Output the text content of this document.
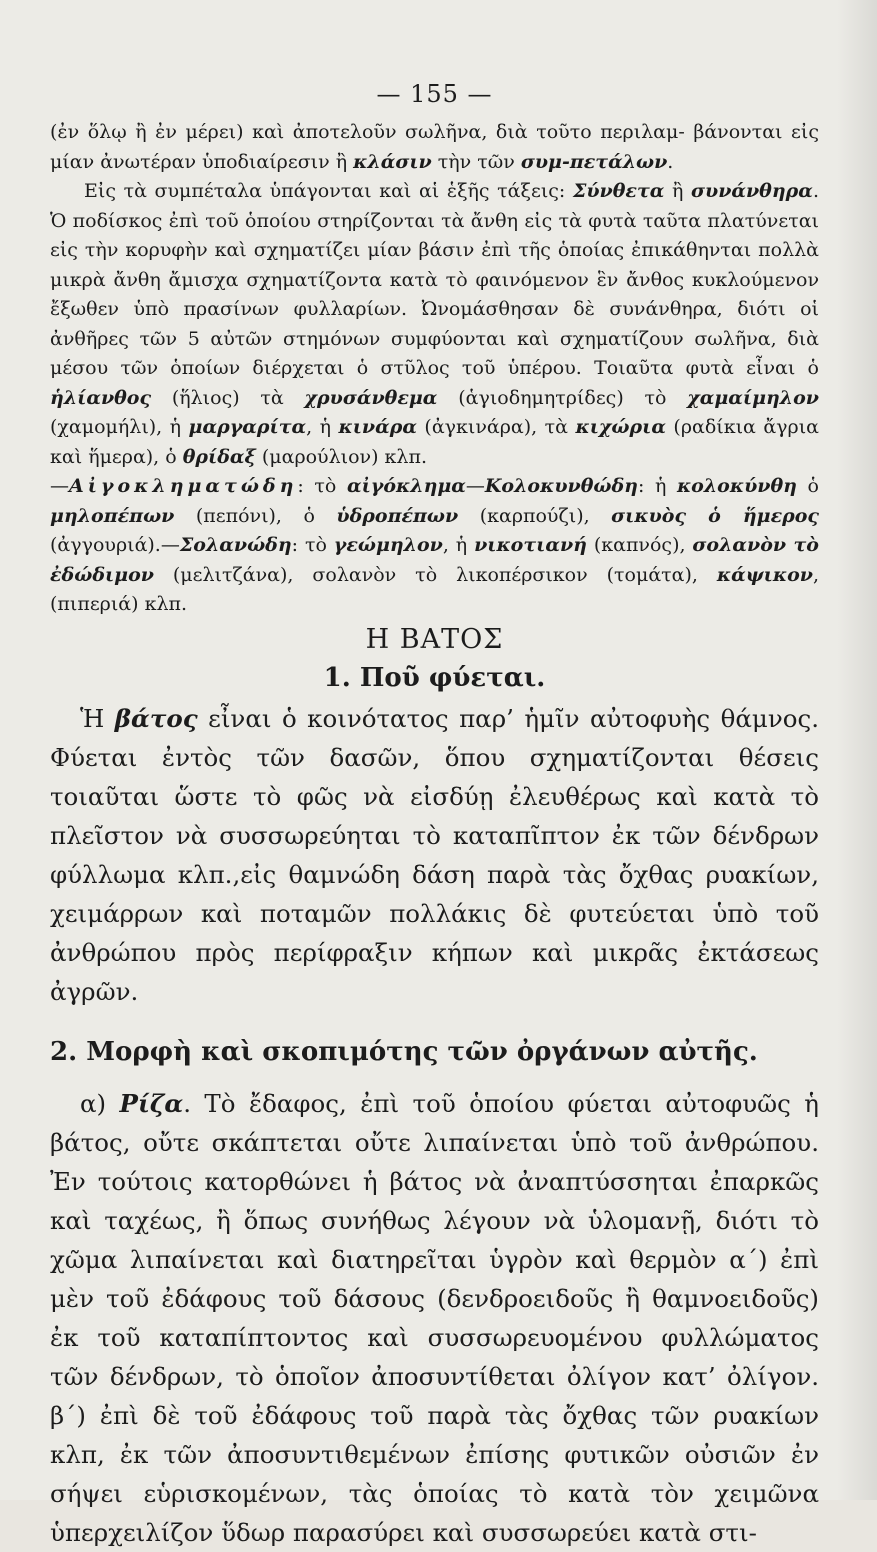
— 155 —

(ἐν ὅλῳ ἢ ἐν μέρει) καὶ ἀποτελοῦν σωλῆνα, διὰ τοῦτο περιλαμ- βάνονται εἰς μίαν ἀνωτέραν ὑποδιαίρεσιν ἢ κλάσιν τὴν τῶν συμ-πετάλων.

Εἰς τὰ συμπέταλα ὑπάγονται καὶ αἱ ἑξῆς τάξεις: Σύνθετα ἢ συνάνθηρα. Ὁ ποδίσκος ἐπὶ τοῦ ὁποίου στηρίζονται τὰ ἄνθη εἰς τὰ φυτὰ ταῦτα πλατύνεται εἰς τὴν κορυφὴν καὶ σχηματίζει μίαν βάσιν ἐπὶ τῆς ὁποίας ἐπικάθηνται πολλὰ μικρὰ ἄνθη ἄμισχα σχηματίζοντα κατὰ τὸ φαινόμενον ἓν ἄνθος κυκλούμενον ἔξωθεν ὑπὸ πρασίνων φυλλαρίων. Ὠνομάσθησαν δὲ συνάνθηρα, διότι οἱ ἀνθῆρες τῶν 5 αὐτῶν στημόνων συμφύονται καὶ σχηματίζουν σωλῆνα, διὰ μέσου τῶν ὁποίων διέρχεται ὁ στῦλος τοῦ ὑπέρου. Τοιαῦτα φυτὰ εἶναι ὁ ἡλίανθος (ἥλιος) τὰ χρυσάνθεμα (ἁγιοδημητρίδες) τὸ χαμαίμηλον (χαμομήλι), ἡ μαργαρίτα, ἡ κινάρα (ἀγκινάρα), τὰ κιχώρια (ραδίκια ἄγρια καὶ ἥμερα), ὁ θρίδαξ (μαρούλιον) κλπ.

—Αἰγοκληματώδη: τὸ αἰγόκλημα—Κολοκυνθώδη: ἡ κολοκύνθη ὁ μηλοπέπων (πεπόνι), ὁ ὑδροπέπων (καρπούζι), σικυὸς ὁ ἥμερος (ἀγγουριά).—Σολανώδη: τὸ γεώμηλον, ἡ νικοτιανή (καπνός), σολανὸν τὸ ἐδώδιμον (μελιτζάνα), σολανὸν τὸ λικοπέρσικον (τομάτα), κάψικον, (πιπεριά) κλπ.

Η ΒΑΤΟΣ
1. Ποῦ φύεται.

Ἡ βάτος εἶναι ὁ κοινότατος παρ’ ἡμῖν αὐτοφυὴς θάμνος. Φύεται ἐντὸς τῶν δασῶν, ὅπου σχηματίζονται θέσεις τοιαῦται ὥστε τὸ φῶς νὰ εἰσδύῃ ἐλευθέρως καὶ κατὰ τὸ πλεῖστον νὰ συσσωρεύηται τὸ καταπῖπτον ἐκ τῶν δένδρων φύλλωμα κλπ.,εἰς θαμνώδη δάση παρὰ τὰς ὄχθας ρυακίων, χειμάρρων καὶ ποταμῶν πολλάκις δὲ φυτεύεται ὑπὸ τοῦ ἀνθρώπου πρὸς περίφραξιν κήπων καὶ μικρᾶς ἐκτάσεως ἀγρῶν.

2. Μορφὴ καὶ σκοπιμότης τῶν ὀργάνων αὐτῆς.

α) Ρίζα. Τὸ ἔδαφος, ἐπὶ τοῦ ὁποίου φύεται αὐτοφυῶς ἡ βάτος, οὔτε σκάπτεται οὔτε λιπαίνεται ὑπὸ τοῦ ἀνθρώπου. Ἐν τούτοις κατορθώνει ἡ βάτος νὰ ἀναπτύσσηται ἐπαρκῶς καὶ ταχέως, ἢ ὅπως συνήθως λέγουν νὰ ὑλομανῇ, διότι τὸ χῶμα λιπαίνεται καὶ διατηρεῖται ὑγρὸν καὶ θερμὸν α΄) ἐπὶ μὲν τοῦ ἐδάφους τοῦ δάσους (δενδροειδοῦς ἢ θαμνοειδοῦς) ἐκ τοῦ καταπίπτοντος καὶ συσσωρευομένου φυλλώματος τῶν δένδρων, τὸ ὁποῖον ἀποσυντίθεται ὀλίγον κατ’ ὀλίγον. β΄) ἐπὶ δὲ τοῦ ἐδάφους τοῦ παρὰ τὰς ὄχθας τῶν ρυακίων κλπ, ἐκ τῶν ἀποσυντιθεμένων ἐπίσης φυτικῶν οὐσιῶν ἐν σήψει εὑρισκομένων, τὰς ὁποίας τὸ κατὰ τὸν χειμῶνα ὑπερχειλίζον ὕδωρ παρασύρει καὶ συσσωρεύει κατὰ στι-
